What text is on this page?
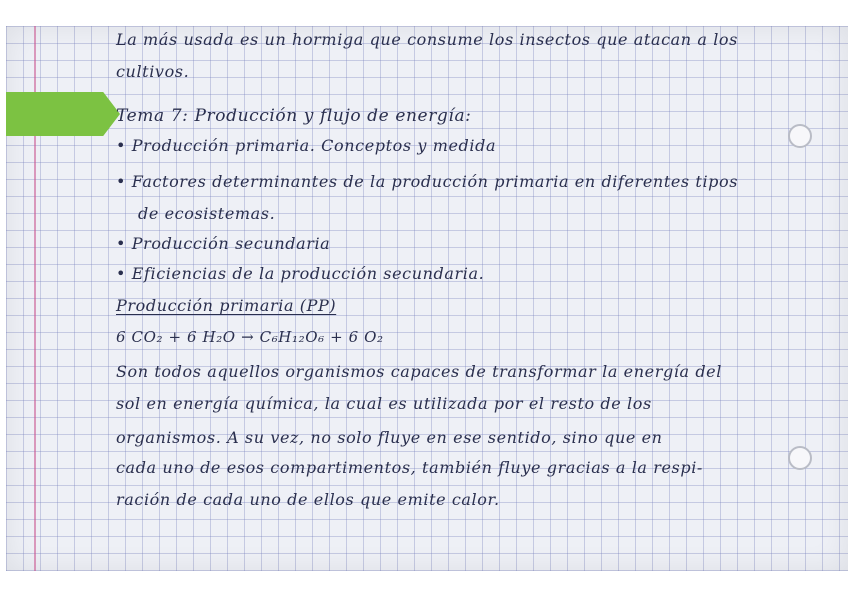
La más usada es un hormiga que consume los insectos que atacan a los
cultivos.
Tema 7: Producción y flujo de energía:
• Producción primaria. Conceptos y medida
• Factores determinantes de la producción primaria en diferentes tipos
de ecosistemas.
• Producción secundaria
• Eficiencias de la producción secundaria.
Producción primaria (PP)
6 CO₂ + 6 H₂O → C₆H₁₂O₆ + 6 O₂
Son todos aquellos organismos capaces de transformar la energía del
sol en energía química, la cual es utilizada por el resto de los
organismos. A su vez, no solo fluye en ese sentido, sino que en
cada uno de esos compartimentos, también fluye gracias a la respi-
ración de cada uno de ellos que emite calor.
